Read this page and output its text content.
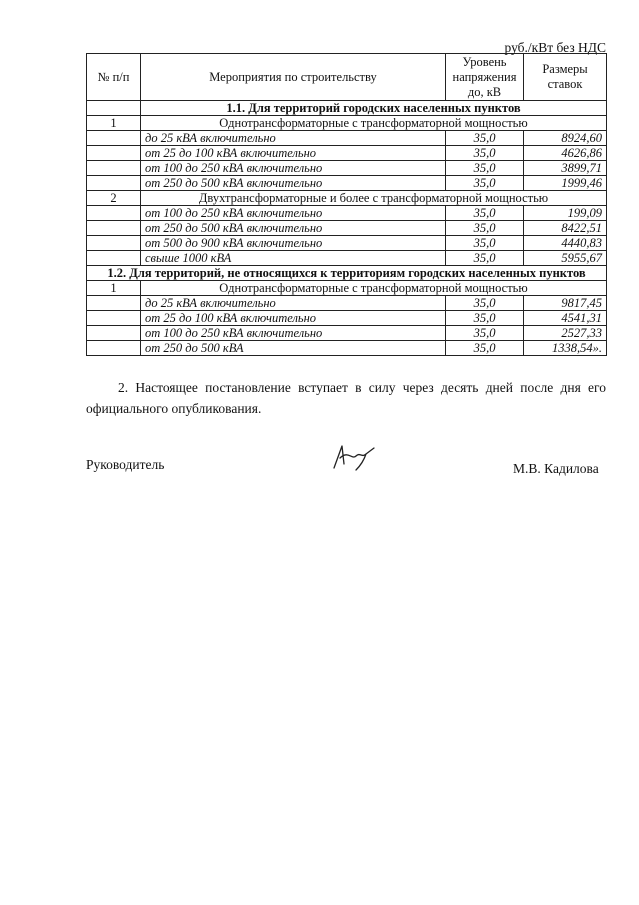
руб./кВт без НДС
№ п/п	Мероприятия по строительству	Уровень напряжения до, кВ	Размеры ставок
	1.1. Для территорий городских населенных пунктов		
1	Однотрансформаторные с трансформаторной мощностью		
	до 25 кВА включительно	35,0	8924,60
	от 25 до 100 кВА включительно	35,0	4626,86
	от 100 до 250 кВА включительно	35,0	3899,71
	от 250 до 500 кВА включительно	35,0	1999,46
2	Двухтрансформаторные и более с трансформаторной мощностью		
	от 100 до 250 кВА включительно	35,0	199,09
	от 250 до 500 кВА включительно	35,0	8422,51
	от 500 до 900 кВА включительно	35,0	4440,83
	свыше 1000 кВА	35,0	5955,67
1.2. Для территорий, не относящихся к территориям городских населенных пунктов			
1	Однотрансформаторные с трансформаторной мощностью		
	до 25 кВА включительно	35,0	9817,45
	от 25 до 100 кВА включительно	35,0	4541,31
	от 100 до 250 кВА включительно	35,0	2527,33
	от 250 до 500 кВА	35,0	1338,54».
2. Настоящее постановление вступает в силу через десять дней после дня его официального опубликования.
Руководитель	М.В. Кадилова
